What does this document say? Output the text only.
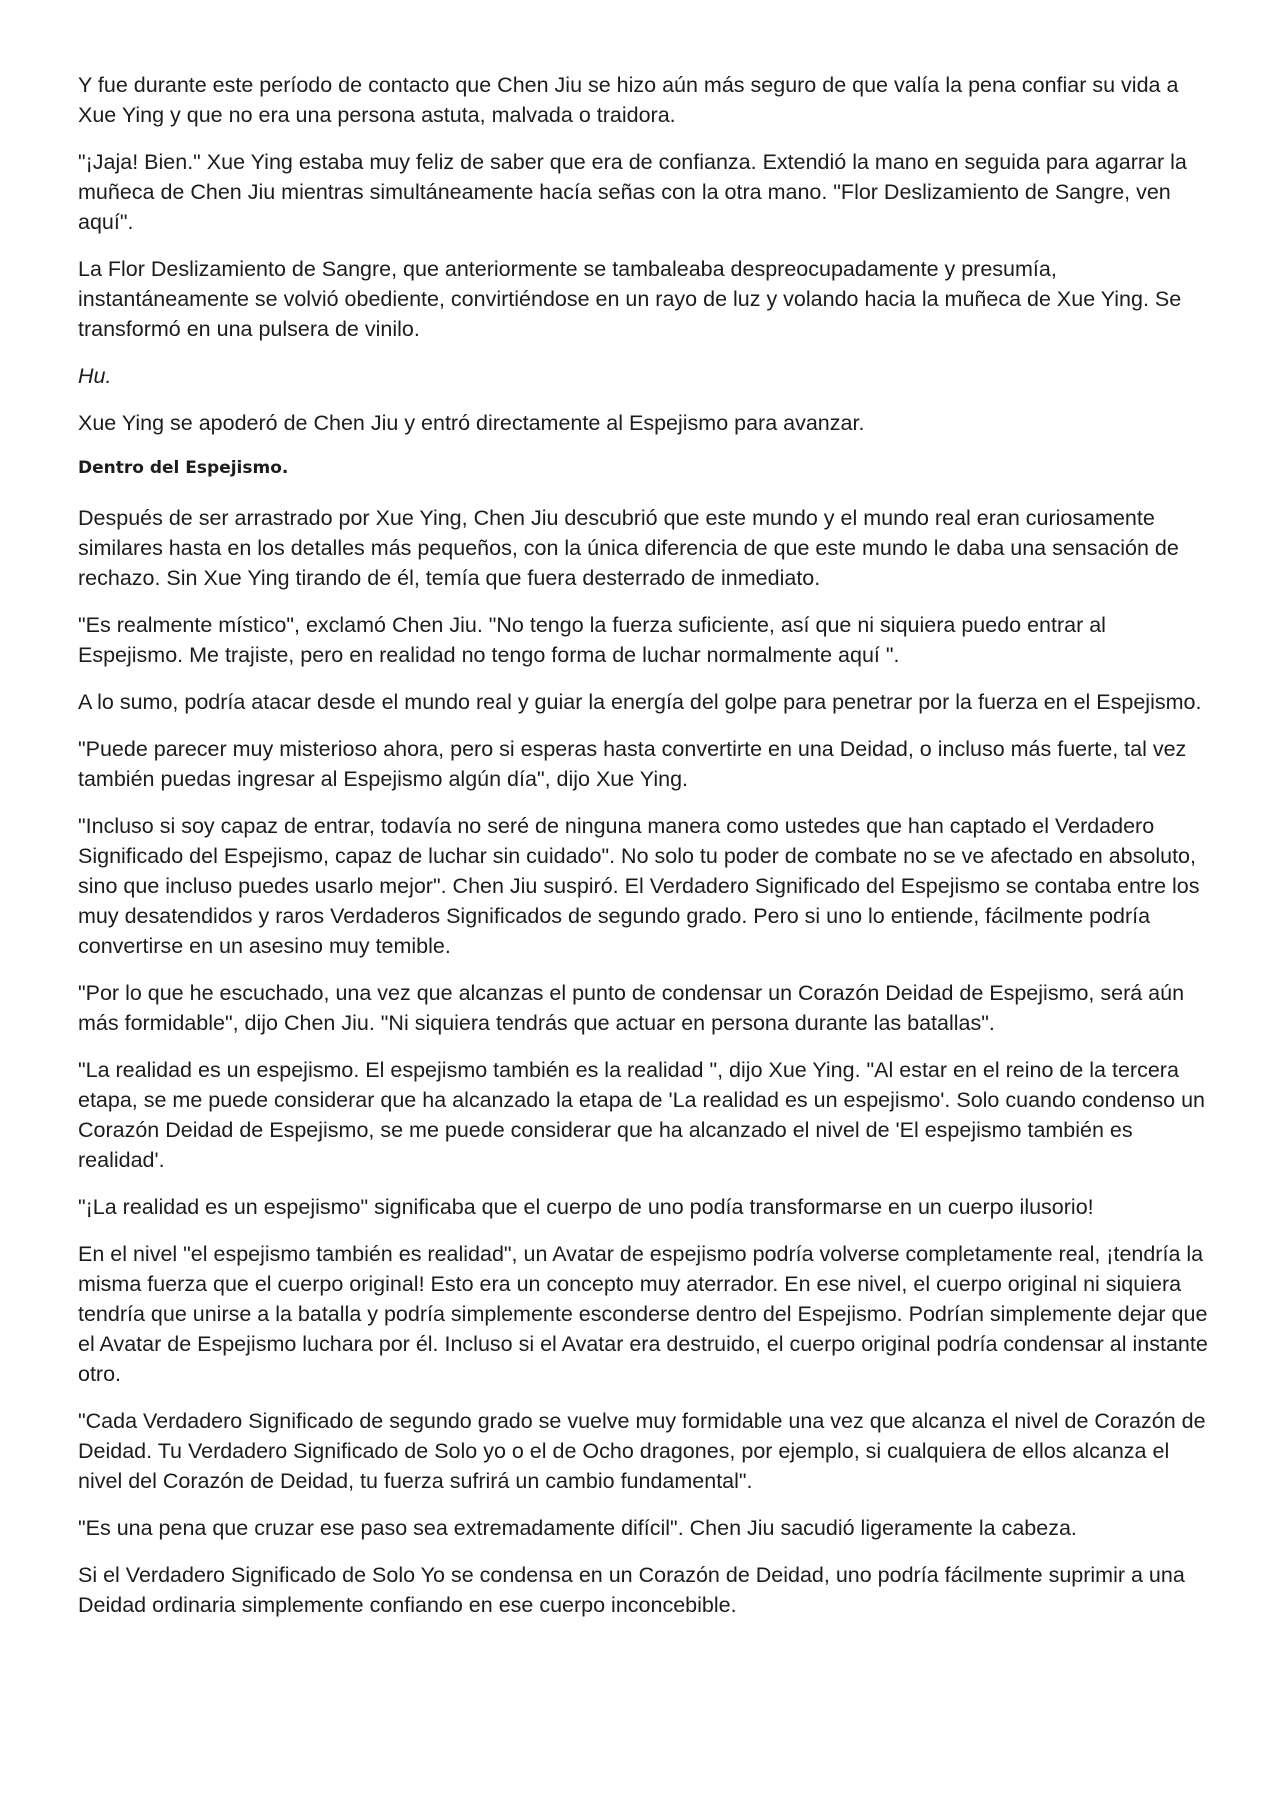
Y fue durante este período de contacto que Chen Jiu se hizo aún más seguro de que valía la pena confiar su vida a Xue Ying y que no era una persona astuta, malvada o traidora.

"¡Jaja! Bien." Xue Ying estaba muy feliz de saber que era de confianza. Extendió la mano en seguida para agarrar la muñeca de Chen Jiu mientras simultáneamente hacía señas con la otra mano. "Flor Deslizamiento de Sangre, ven aquí".

La Flor Deslizamiento de Sangre, que anteriormente se tambaleaba despreocupadamente y presumía, instantáneamente se volvió obediente, convirtiéndose en un rayo de luz y volando hacia la muñeca de Xue Ying. Se transformó en una pulsera de vinilo.

Hu.

Xue Ying se apoderó de Chen Jiu y entró directamente al Espejismo para avanzar.

Dentro del Espejismo.

Después de ser arrastrado por Xue Ying, Chen Jiu descubrió que este mundo y el mundo real eran curiosamente similares hasta en los detalles más pequeños, con la única diferencia de que este mundo le daba una sensación de rechazo. Sin Xue Ying tirando de él, temía que fuera desterrado de inmediato.

"Es realmente místico", exclamó Chen Jiu. "No tengo la fuerza suficiente, así que ni siquiera puedo entrar al Espejismo. Me trajiste, pero en realidad no tengo forma de luchar normalmente aquí ".

A lo sumo, podría atacar desde el mundo real y guiar la energía del golpe para penetrar por la fuerza en el Espejismo.

"Puede parecer muy misterioso ahora, pero si esperas hasta convertirte en una Deidad, o incluso más fuerte, tal vez también puedas ingresar al Espejismo algún día", dijo Xue Ying.

"Incluso si soy capaz de entrar, todavía no seré de ninguna manera como ustedes que han captado el Verdadero Significado del Espejismo, capaz de luchar sin cuidado". No solo tu poder de combate no se ve afectado en absoluto, sino que incluso puedes usarlo mejor". Chen Jiu suspiró. El Verdadero Significado del Espejismo se contaba entre los muy desatendidos y raros Verdaderos Significados de segundo grado. Pero si uno lo entiende, fácilmente podría convertirse en un asesino muy temible.

"Por lo que he escuchado, una vez que alcanzas el punto de condensar un Corazón Deidad de Espejismo, será aún más formidable", dijo Chen Jiu. "Ni siquiera tendrás que actuar en persona durante las batallas".

"La realidad es un espejismo. El espejismo también es la realidad ", dijo Xue Ying. "Al estar en el reino de la tercera etapa, se me puede considerar que ha alcanzado la etapa de 'La realidad es un espejismo'. Solo cuando condenso un Corazón Deidad de Espejismo, se me puede considerar que ha alcanzado el nivel de 'El espejismo también es realidad'.

"¡La realidad es un espejismo" significaba que el cuerpo de uno podía transformarse en un cuerpo ilusorio!

En el nivel "el espejismo también es realidad", un Avatar de espejismo podría volverse completamente real, ¡tendría la misma fuerza que el cuerpo original! Esto era un concepto muy aterrador. En ese nivel, el cuerpo original ni siquiera tendría que unirse a la batalla y podría simplemente esconderse dentro del Espejismo. Podrían simplemente dejar que el Avatar de Espejismo luchara por él. Incluso si el Avatar era destruido, el cuerpo original podría condensar al instante otro.

"Cada Verdadero Significado de segundo grado se vuelve muy formidable una vez que alcanza el nivel de Corazón de Deidad. Tu Verdadero Significado de Solo yo o el de Ocho dragones, por ejemplo, si cualquiera de ellos alcanza el nivel del Corazón de Deidad, tu fuerza sufrirá un cambio fundamental".

"Es una pena que cruzar ese paso sea extremadamente difícil". Chen Jiu sacudió ligeramente la cabeza.

Si el Verdadero Significado de Solo Yo se condensa en un Corazón de Deidad, uno podría fácilmente suprimir a una Deidad ordinaria simplemente confiando en ese cuerpo inconcebible.
